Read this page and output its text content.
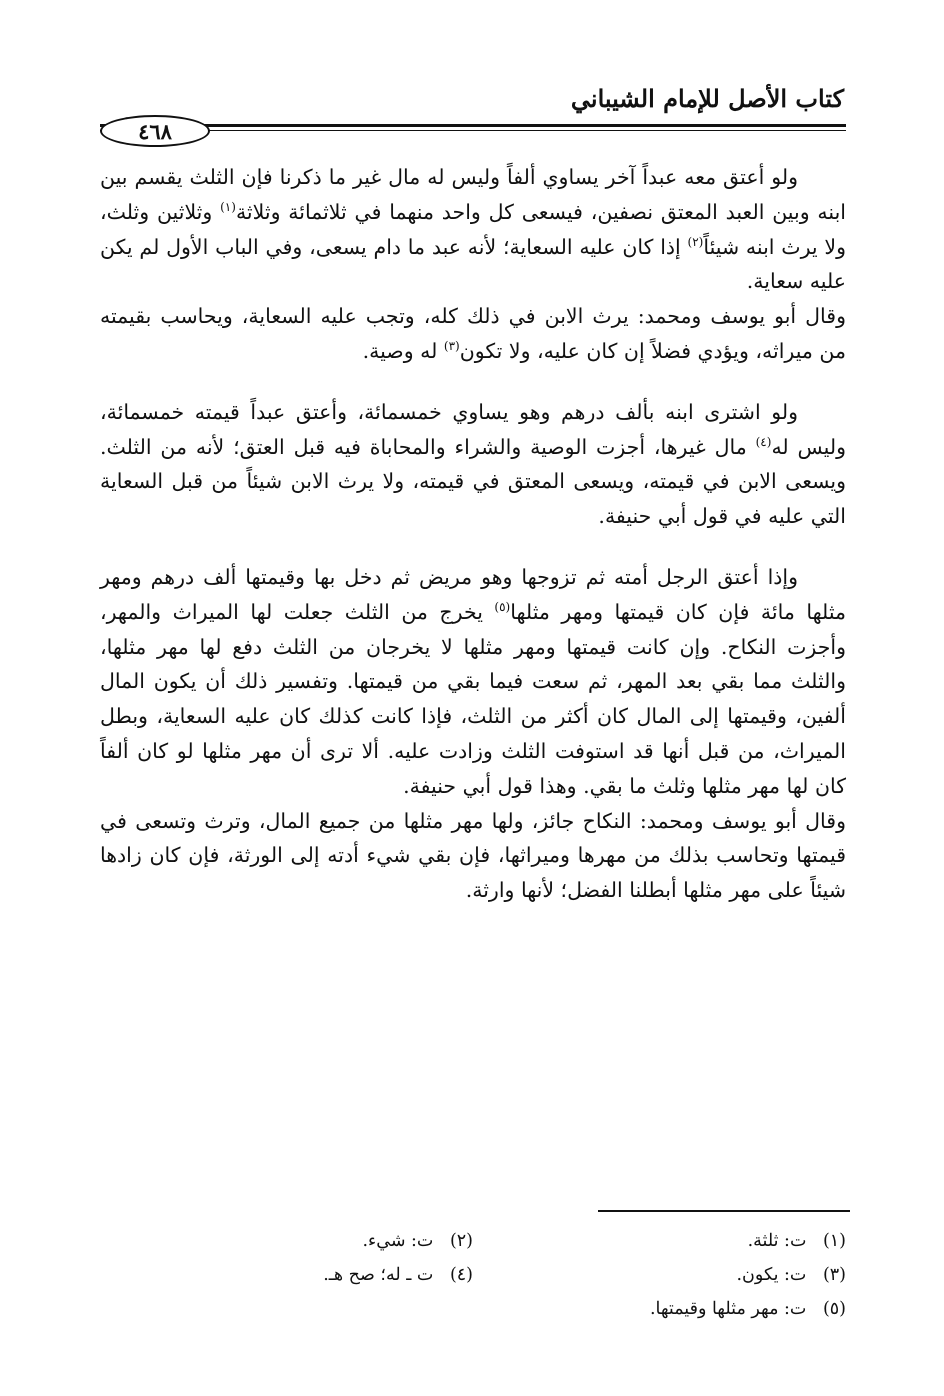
كتاب الأصل للإمام الشيباني
٤٦٨

ولو أعتق معه عبداً آخر يساوي ألفاً وليس له مال غير ما ذكرنا فإن الثلث يقسم بين ابنه وبين العبد المعتق نصفين، فيسعى كل واحد منهما في ثلاثمائة وثلاثة$^{(١)}$ وثلاثين وثلث، ولا يرث ابنه شيئاً$^{(٢)}$ إذا كان عليه السعاية؛ لأنه عبد ما دام يسعى، وفي الباب الأول لم يكن عليه سعاية.

وقال أبو يوسف ومحمد: يرث الابن في ذلك كله، وتجب عليه السعاية، ويحاسب بقيمته من ميراثه، ويؤدي فضلاً إن كان عليه، ولا تكون$^{(٣)}$ له وصية.

ولو اشترى ابنه بألف درهم وهو يساوي خمسمائة، وأعتق عبداً قيمته خمسمائة، وليس له$^{(٤)}$ مال غيرها، أجزت الوصية والشراء والمحاباة فيه قبل العتق؛ لأنه من الثلث. ويسعى الابن في قيمته، ويسعى المعتق في قيمته، ولا يرث الابن شيئاً من قبل السعاية التي عليه في قول أبي حنيفة.

وإذا أعتق الرجل أمته ثم تزوجها وهو مريض ثم دخل بها وقيمتها ألف درهم ومهر مثلها مائة فإن كان قيمتها ومهر مثلها$^{(٥)}$ يخرج من الثلث جعلت لها الميراث والمهر، وأجزت النكاح. وإن كانت قيمتها ومهر مثلها لا يخرجان من الثلث دفع لها مهر مثلها، والثلث مما بقي بعد المهر، ثم سعت فيما بقي من قيمتها. وتفسير ذلك أن يكون المال ألفين، وقيمتها إلى المال كان أكثر من الثلث، فإذا كانت كذلك كان عليه السعاية، وبطل الميراث، من قبل أنها قد استوفت الثلث وزادت عليه. ألا ترى أن مهر مثلها لو كان ألفاً كان لها مهر مثلها وثلث ما بقي. وهذا قول أبي حنيفة.

وقال أبو يوسف ومحمد: النكاح جائز، ولها مهر مثلها من جميع المال، وترث وتسعى في قيمتها وتحاسب بذلك من مهرها وميراثها، فإن بقي شيء أدته إلى الورثة، فإن كان زادها شيئاً على مهر مثلها أبطلنا الفضل؛ لأنها وارثة.

(١) ت: ثلثة.
(٢) ت: شيء.
(٣) ت: يكون.
(٤) ت ـ له؛ صح هـ.
(٥) ت: مهر مثلها وقيمتها.
